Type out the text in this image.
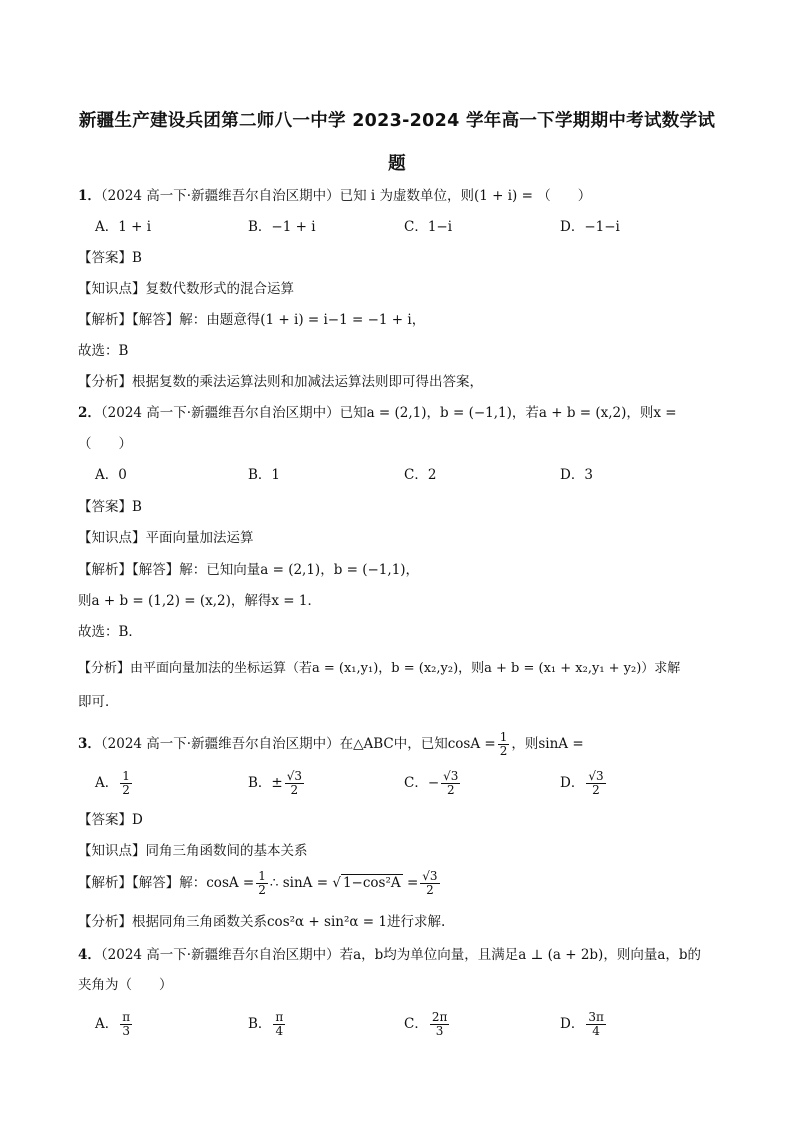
新疆生产建设兵团第二师八一中学 2023-2024 学年高一下学期期中考试数学试
题
1．（2024 高一下·新疆维吾尔自治区期中）已知 i 为虚数单位，则(1 + i) = （　　）
A．1 + i	B．−1 + i	C．1−i	D．−1−i
【答案】B
【知识点】复数代数形式的混合运算
【解析】【解答】解：由题意得(1 + i) = i−1 = −1 + i，
故选：B
【分析】根据复数的乘法运算法则和加减法运算法则即可得出答案，
2．（2024 高一下·新疆维吾尔自治区期中）已知a = (2,1)，b = (−1,1)，若a + b = (x,2)，则x =
（　　）
A．0	B．1	C．2	D．3
【答案】B
【知识点】平面向量加法运算
【解析】【解答】解：已知向量a = (2,1)，b = (−1,1)，
则a + b = (1,2) = (x,2)，解得x = 1．
故选：B．
【分析】由平面向量加法的坐标运算（若a = (x₁,y₁)，b = (x₂,y₂)，则a + b = (x₁ + x₂,y₁ + y₂)）求解
即可．
3．（2024 高一下·新疆维吾尔自治区期中）在△ABC中，已知$\cos A = \frac{1}{2}$ ，则sinA =
A． $\frac{1}{2}$	B．± $\frac{√3}{2}$	C．− $\frac{√3}{2}$	D． $\frac{√3}{2}$
【答案】D
【知识点】同角三角函数间的基本关系
【解析】【解答】解：$\cos A = \frac{1}{2}$ ∴ sinA = √ $1-\cos^2A = \frac{√3}{2}$
【分析】根据同角三角函数关系cos²α + sin²α = 1进行求解.
4．（2024 高一下·新疆维吾尔自治区期中）若a，b均为单位向量，且满足a ⊥ (a + 2b)，则向量a，b的
夹角为（　　）
A． $\frac{\pi}{3}$	B． $\frac{\pi}{4}$	C． $\frac{2\pi}{3}$	D． $\frac{3\pi}{4}$
